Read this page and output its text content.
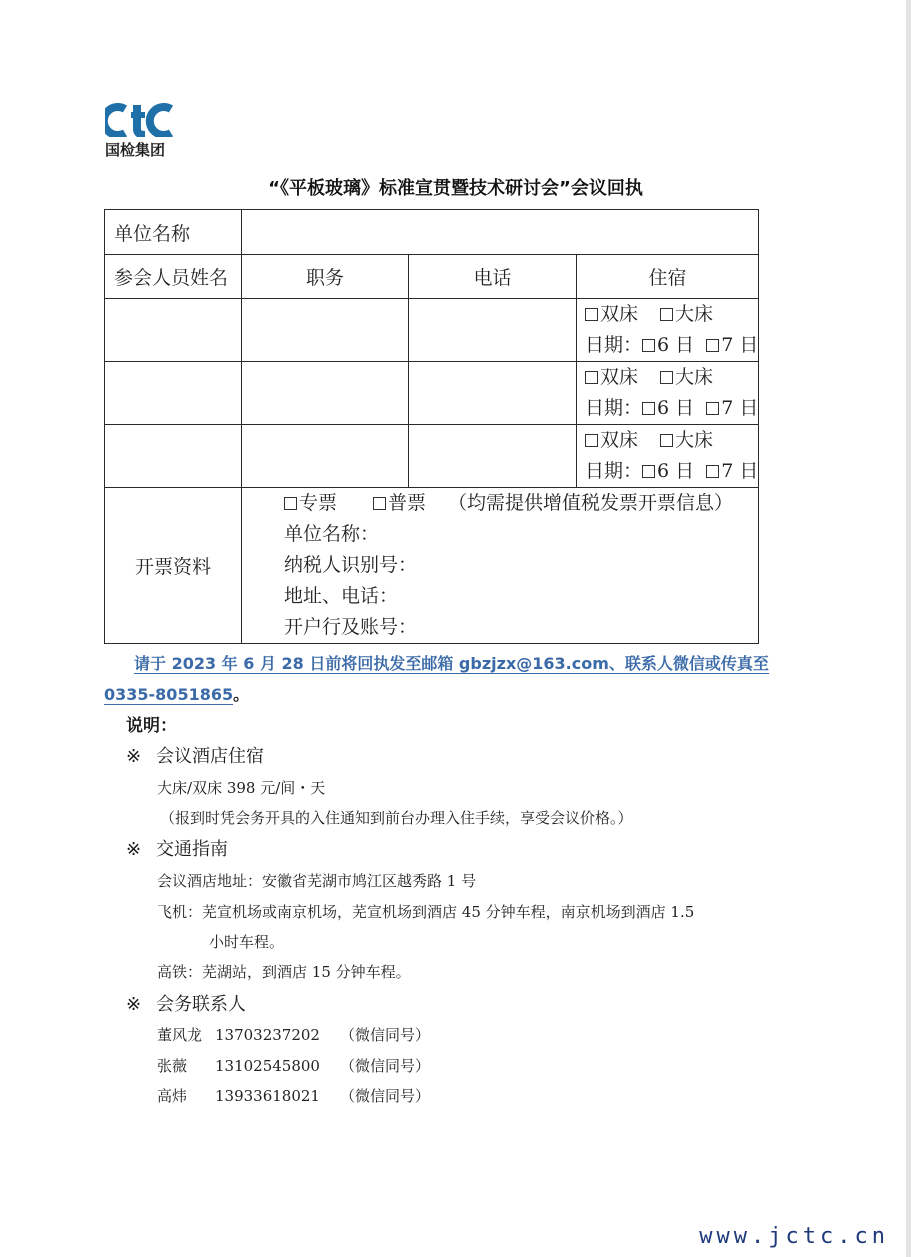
国检集团
“《平板玻璃》标准宣贯暨技术研讨会”会议回执
单位名称			
参会人员姓名	职务	电话	住宿

			双床 大床
日期： 6 日 7 日

			双床 大床
日期： 6 日 7 日

			双床 大床
日期： 6 日 7 日

开票资料	专票 普票 （均需提供增值税发票开票信息）
单位名称：
纳税人识别号：
地址、电话：
开户行及账号：		
请于 2023 年 6 月 28 日前将回执发至邮箱 gbzjzx@163.com、联系人微信或传真至
0335-8051865。
说明：
※ 会议酒店住宿
大床/双床 398 元/间・天
（报到时凭会务开具的入住通知到前台办理入住手续，享受会议价格。）
※ 交通指南
会议酒店地址：安徽省芜湖市鸠江区越秀路 1 号
飞机：芜宣机场或南京机场，芜宣机场到酒店 45 分钟车程，南京机场到酒店 1.5
小时车程。
高铁：芜湖站，到酒店 15 分钟车程。
※ 会务联系人
董风龙 13703237202 （微信同号）
张薇 13102545800 （微信同号）
高炜 13933618021 （微信同号）
www.jctc.cn
